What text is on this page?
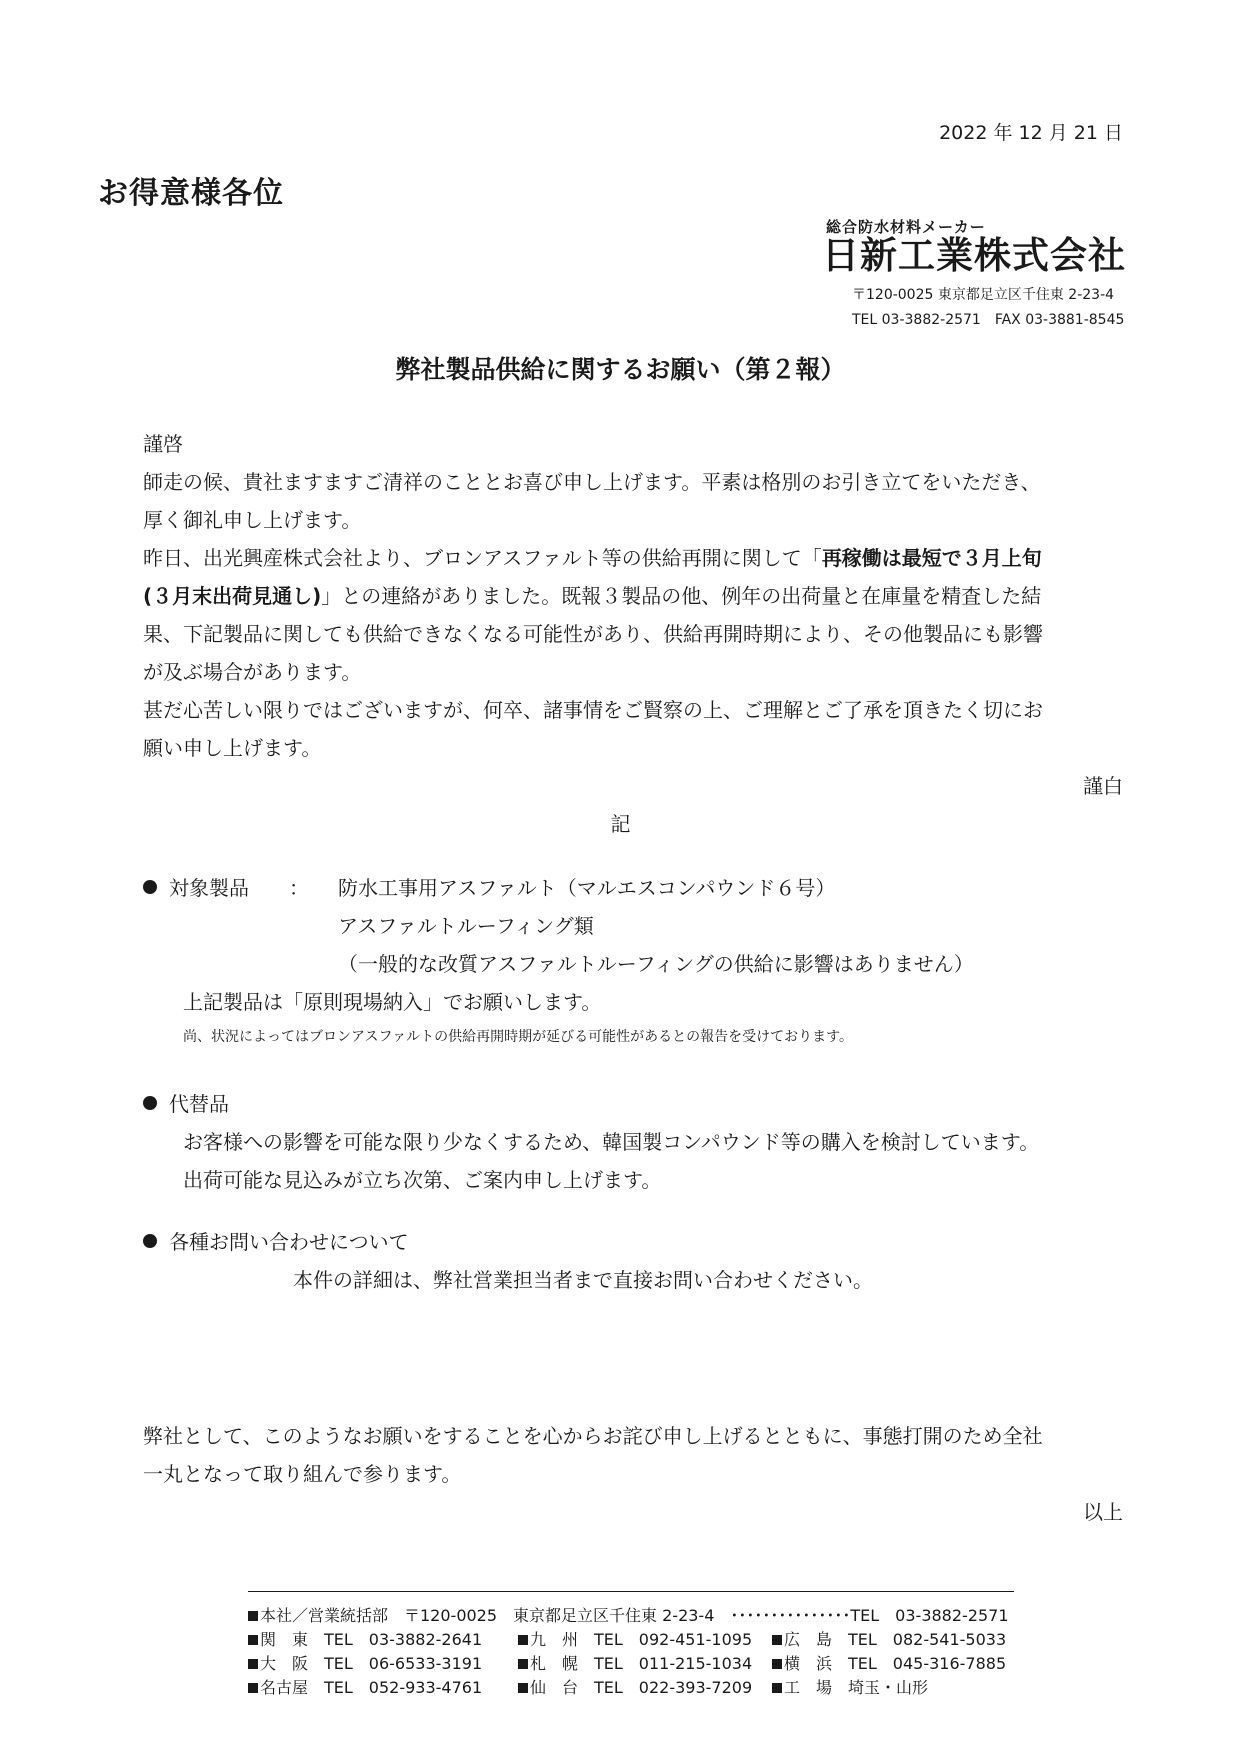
2022 年 12 月 21 日
お得意様各位
総合防水材料メーカー
日新工業株式会社
〒120-0025 東京都足立区千住東 2-23-4
TEL 03-3882-2571　FAX 03-3881-8545
弊社製品供給に関するお願い（第２報）
謹啓
師走の候、貴社ますますご清祥のこととお喜び申し上げます。平素は格別のお引き立てをいただき、
厚く御礼申し上げます。
昨日、出光興産株式会社より、ブロンアスファルト等の供給再開に関して「再稼働は最短で３月上旬
(３月末出荷見通し)」との連絡がありました。既報３製品の他、例年の出荷量と在庫量を精査した結
果、下記製品に関しても供給できなくなる可能性があり、供給再開時期により、その他製品にも影響
が及ぶ場合があります。
甚だ心苦しい限りではございますが、何卒、諸事情をご賢察の上、ご理解とご了承を頂きたく切にお
願い申し上げます。
謹白
記
対象製品　　： 防水工事用アスファルト（マルエスコンパウンド６号）
アスファルトルーフィング類
（一般的な改質アスファルトルーフィングの供給に影響はありません）
上記製品は「原則現場納入」でお願いします。
尚、状況によってはブロンアスファルトの供給再開時期が延びる可能性があるとの報告を受けております。
代替品
お客様への影響を可能な限り少なくするため、韓国製コンパウンド等の購入を検討しています。
出荷可能な見込みが立ち次第、ご案内申し上げます。
各種お問い合わせについて
本件の詳細は、弊社営業担当者まで直接お問い合わせください。
弊社として、このようなお願いをすることを心からお詫び申し上げるとともに、事態打開のため全社
一丸となって取り組んで参ります。
以上
本社／営業統括部　〒120-0025　東京都足立区千住東 2-23-4　･･･････････････TEL　03-3882-2571
関　東　TEL　03-3882-2641	九　州　TEL　092-451-1095 広　島　TEL　082-541-5033
大　阪　TEL　06-6533-3191	札　幌　TEL　011-215-1034 横　浜　TEL　045-316-7885
名古屋　TEL　052-933-4761	仙　台　TEL　022-393-7209 工　場　埼玉・山形
